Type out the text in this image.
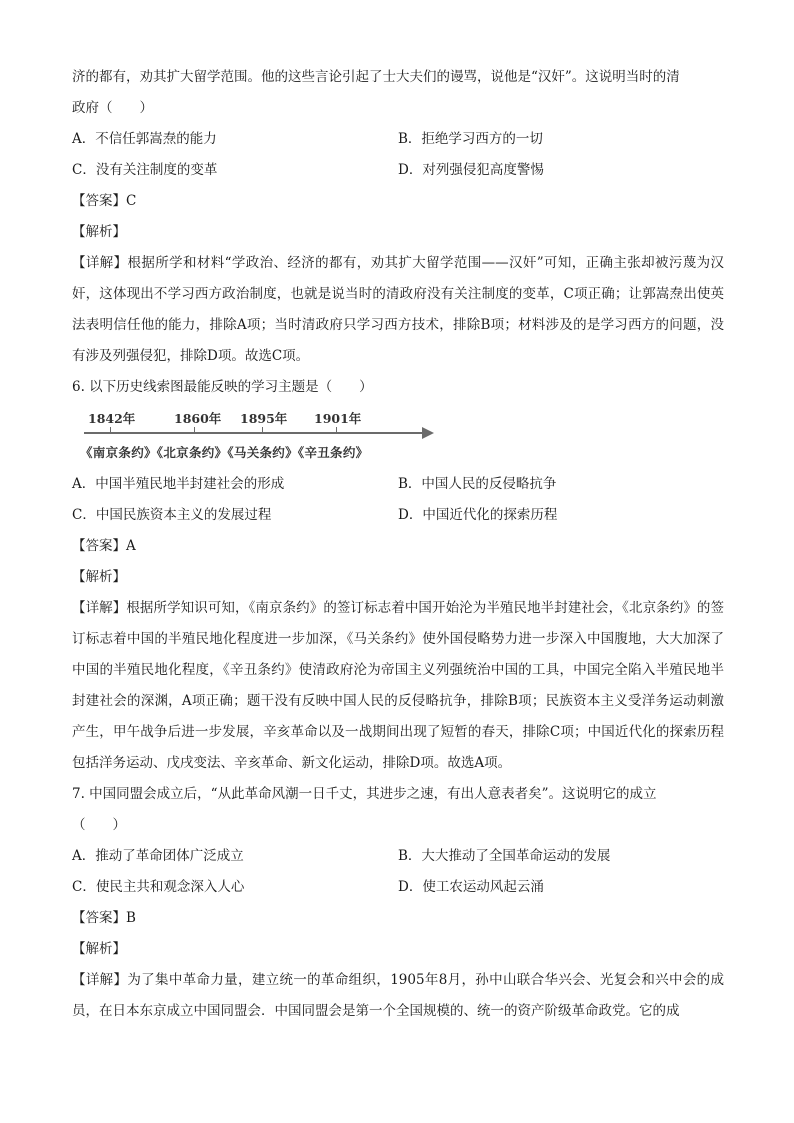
济的都有，劝其扩大留学范围。他的这些言论引起了士大夫们的谩骂，说他是“汉奸”。这说明当时的清
政府（　　）
A．不信任郭嵩焘的能力	B．拒绝学习西方的一切
C．没有关注制度的变革	D．对列强侵犯高度警惕
【答案】C
【解析】
【详解】根据所学和材料“学政治、经济的都有，劝其扩大留学范围——汉奸”可知，正确主张却被污蔑为汉奸，这体现出不学习西方政治制度，也就是说当时的清政府没有关注制度的变革，C项正确；让郭嵩焘出使英法表明信任他的能力，排除A项；当时清政府只学习西方技术，排除B项；材料涉及的是学习西方的问题，没有涉及列强侵犯，排除D项。故选C项。
6. 以下历史线索图最能反映的学习主题是（　　）
1842年	1860年 1895年 1901年
《南京条约》《北京条约》《马关条约》《辛丑条约》
A．中国半殖民地半封建社会的形成	B．中国人民的反侵略抗争
C．中国民族资本主义的发展过程	D．中国近代化的探索历程
【答案】A
【解析】
【详解】根据所学知识可知，《南京条约》的签订标志着中国开始沦为半殖民地半封建社会，《北京条约》的签订标志着中国的半殖民地化程度进一步加深，《马关条约》使外国侵略势力进一步深入中国腹地，大大加深了中国的半殖民地化程度，《辛丑条约》使清政府沦为帝国主义列强统治中国的工具，中国完全陷入半殖民地半封建社会的深渊，A项正确；题干没有反映中国人民的反侵略抗争，排除B项；民族资本主义受洋务运动刺激产生，甲午战争后进一步发展，辛亥革命以及一战期间出现了短暂的春天，排除C项；中国近代化的探索历程包括洋务运动、戊戌变法、辛亥革命、新文化运动，排除D项。故选A项。
7. 中国同盟会成立后，“从此革命风潮一日千丈，其进步之速，有出人意表者矣”。这说明它的成立
（　　）
A．推动了革命团体广泛成立	B．大大推动了全国革命运动的发展
C．使民主共和观念深入人心	D．使工农运动风起云涌
【答案】B
【解析】
【详解】为了集中革命力量，建立统一的革命组织，1905年8月，孙中山联合华兴会、光复会和兴中会的成员，在日本东京成立中国同盟会．中国同盟会是第一个全国规模的、统一的资产阶级革命政党。它的成
